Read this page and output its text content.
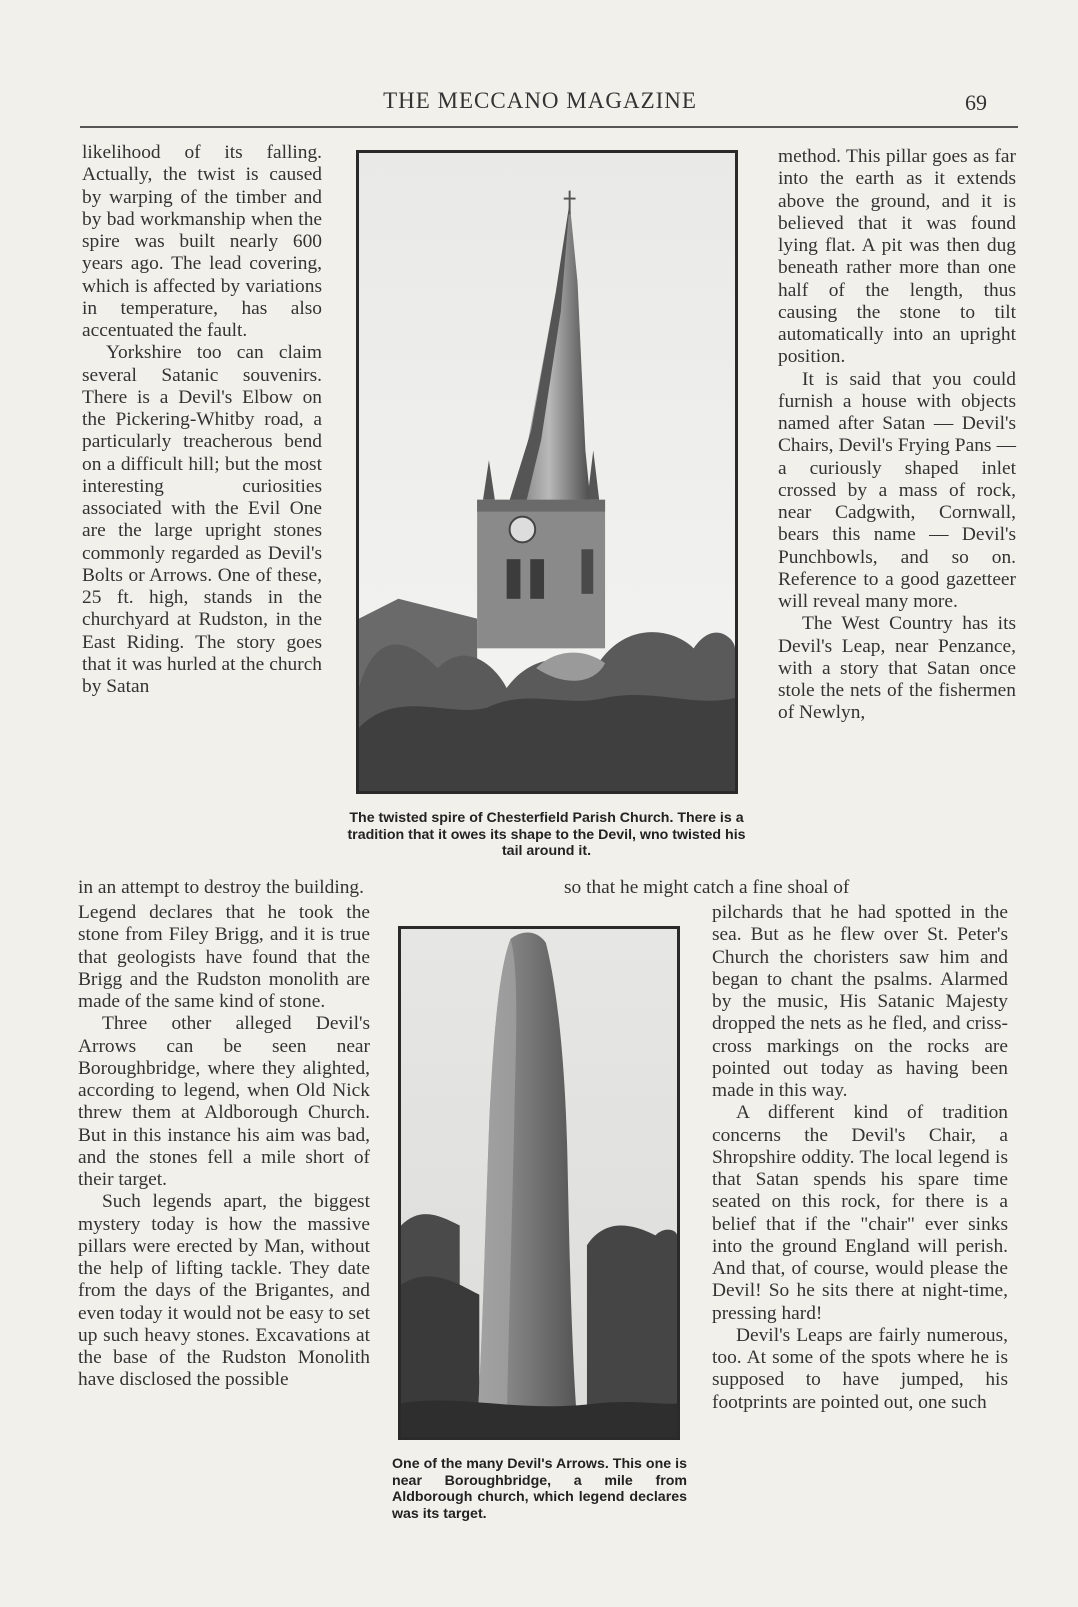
THE MECCANO MAGAZINE	69

likelihood of its falling. Actually, the twist is caused by warping of the timber and by bad workmanship when the spire was built nearly 600 years ago. The lead covering, which is affected by variations in temperature, has also accentuated the fault.

Yorkshire too can claim several Satanic souvenirs. There is a Devil's Elbow on the Pickering-Whitby road, a particularly treacherous bend on a difficult hill; but the most interesting curiosities associated with the Evil One are the large upright stones commonly regarded as Devil's Bolts or Arrows. One of these, 25 ft. high, stands in the churchyard at Rudston, in the East Riding. The story goes that it was hurled at the church by Satan

The twisted spire of Chesterfield Parish Church. There is a tradition that it owes its shape to the Devil, wno twisted his tail around it.

method. This pillar goes as far into the earth as it extends above the ground, and it is believed that it was found lying flat. A pit was then dug beneath rather more than one half of the length, thus causing the stone to tilt automatically into an upright position.

It is said that you could furnish a house with objects named after Satan — Devil's Chairs, Devil's Frying Pans — a curiously shaped inlet crossed by a mass of rock, near Cadgwith, Cornwall, bears this name — Devil's Punchbowls, and so on. Reference to a good gazetteer will reveal many more.

The West Country has its Devil's Leap, near Penzance, with a story that Satan once stole the nets of the fishermen of Newlyn,

in an attempt to destroy the building.	so that he might catch a fine shoal of

Legend declares that he took the stone from Filey Brigg, and it is true that geologists have found that the Brigg and the Rudston monolith are made of the same kind of stone.

Three other alleged Devil's Arrows can be seen near Boroughbridge, where they alighted, according to legend, when Old Nick threw them at Aldborough Church. But in this instance his aim was bad, and the stones fell a mile short of their target.

Such legends apart, the biggest mystery today is how the massive pillars were erected by Man, without the help of lifting tackle. They date from the days of the Brigantes, and even today it would not be easy to set up such heavy stones. Excavations at the base of the Rudston Monolith have disclosed the possible

One of the many Devil's Arrows. This one is near Boroughbridge, a mile from Aldborough church, which legend declares was its target.

pilchards that he had spotted in the sea. But as he flew over St. Peter's Church the choristers saw him and began to chant the psalms. Alarmed by the music, His Satanic Majesty dropped the nets as he fled, and criss-cross markings on the rocks are pointed out today as having been made in this way.

A different kind of tradition concerns the Devil's Chair, a Shropshire oddity. The local legend is that Satan spends his spare time seated on this rock, for there is a belief that if the "chair" ever sinks into the ground England will perish. And that, of course, would please the Devil! So he sits there at night-time, pressing hard!

Devil's Leaps are fairly numerous, too. At some of the spots where he is supposed to have jumped, his footprints are pointed out, one such
